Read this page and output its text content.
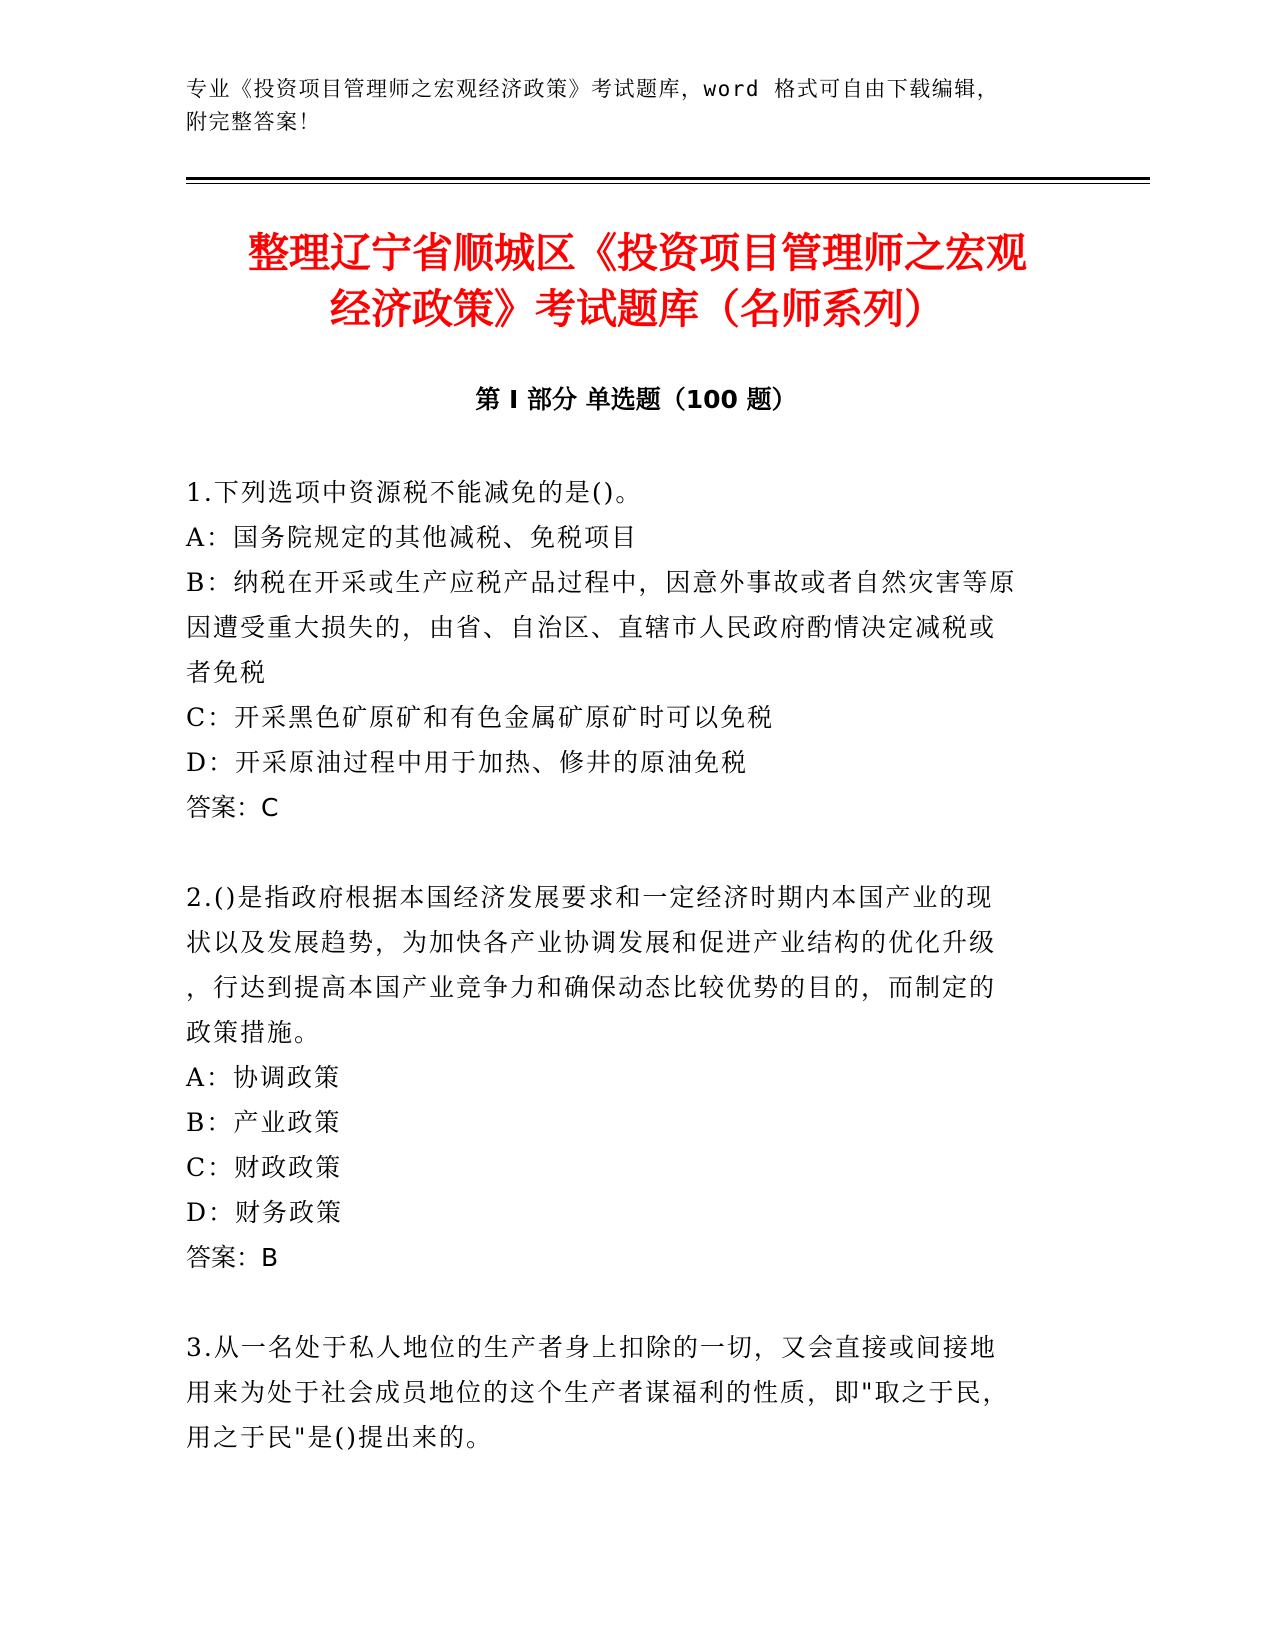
专业《投资项目管理师之宏观经济政策》考试题库，word 格式可自由下载编辑，
附完整答案！
整理辽宁省顺城区《投资项目管理师之宏观
经济政策》考试题库（名师系列）
第 I 部分 单选题（100 题）

1.下列选项中资源税不能减免的是()。

A：国务院规定的其他减税、免税项目

B：纳税在开采或生产应税产品过程中，因意外事故或者自然灾害等原

因遭受重大损失的，由省、自治区、直辖市人民政府酌情决定减税或

者免税

C：开采黑色矿原矿和有色金属矿原矿时可以免税

D：开采原油过程中用于加热、修井的原油免税

答案：C

2.()是指政府根据本国经济发展要求和一定经济时期内本国产业的现

状以及发展趋势，为加快各产业协调发展和促进产业结构的优化升级

，行达到提高本国产业竞争力和确保动态比较优势的目的，而制定的

政策措施。

A：协调政策

B：产业政策

C：财政政策

D：财务政策

答案：B

3.从一名处于私人地位的生产者身上扣除的一切，又会直接或间接地

用来为处于社会成员地位的这个生产者谋福利的性质，即"取之于民，

用之于民"是()提出来的。
